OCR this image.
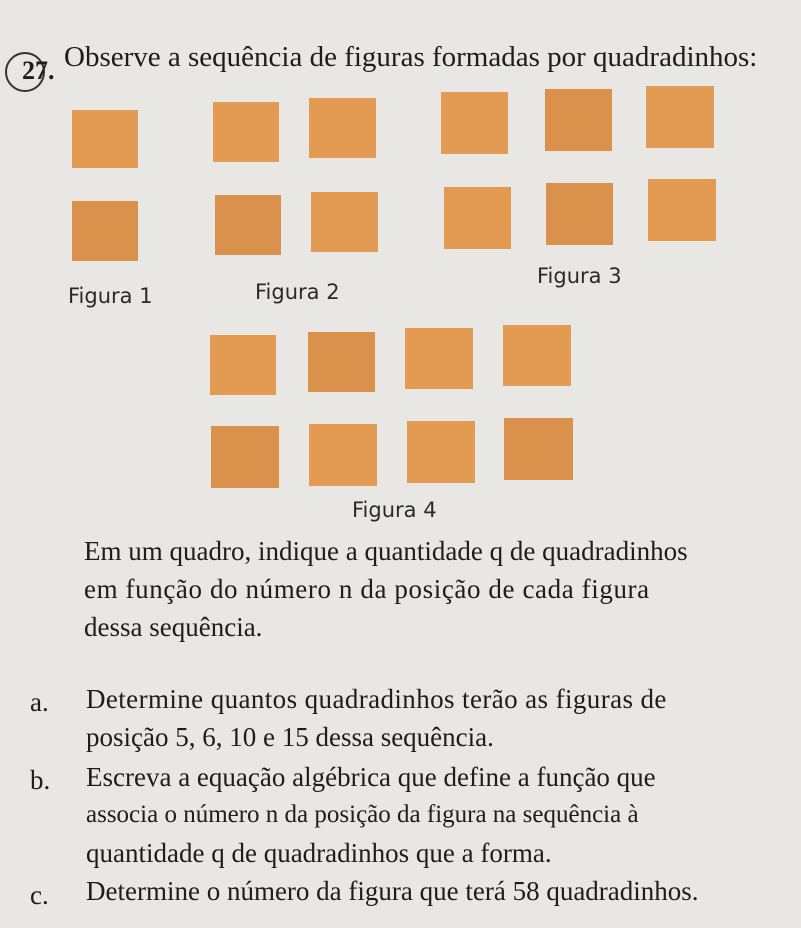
27. Observe a sequência de figuras formadas por quadradinhos:
Figura 1	Figura 2
Figura 3
Figura 4
Em um quadro, indique a quantidade q de quadradinhos
em função do número n da posição de cada figura
dessa sequência.
a. Determine quantos quadradinhos terão as figuras de
posição 5, 6, 10 e 15 dessa sequência.
b. Escreva a equação algébrica que define a função que
associa o número n da posição da figura na sequência à
quantidade q de quadradinhos que a forma.
c. Determine o número da figura que terá 58 quadradinhos.
